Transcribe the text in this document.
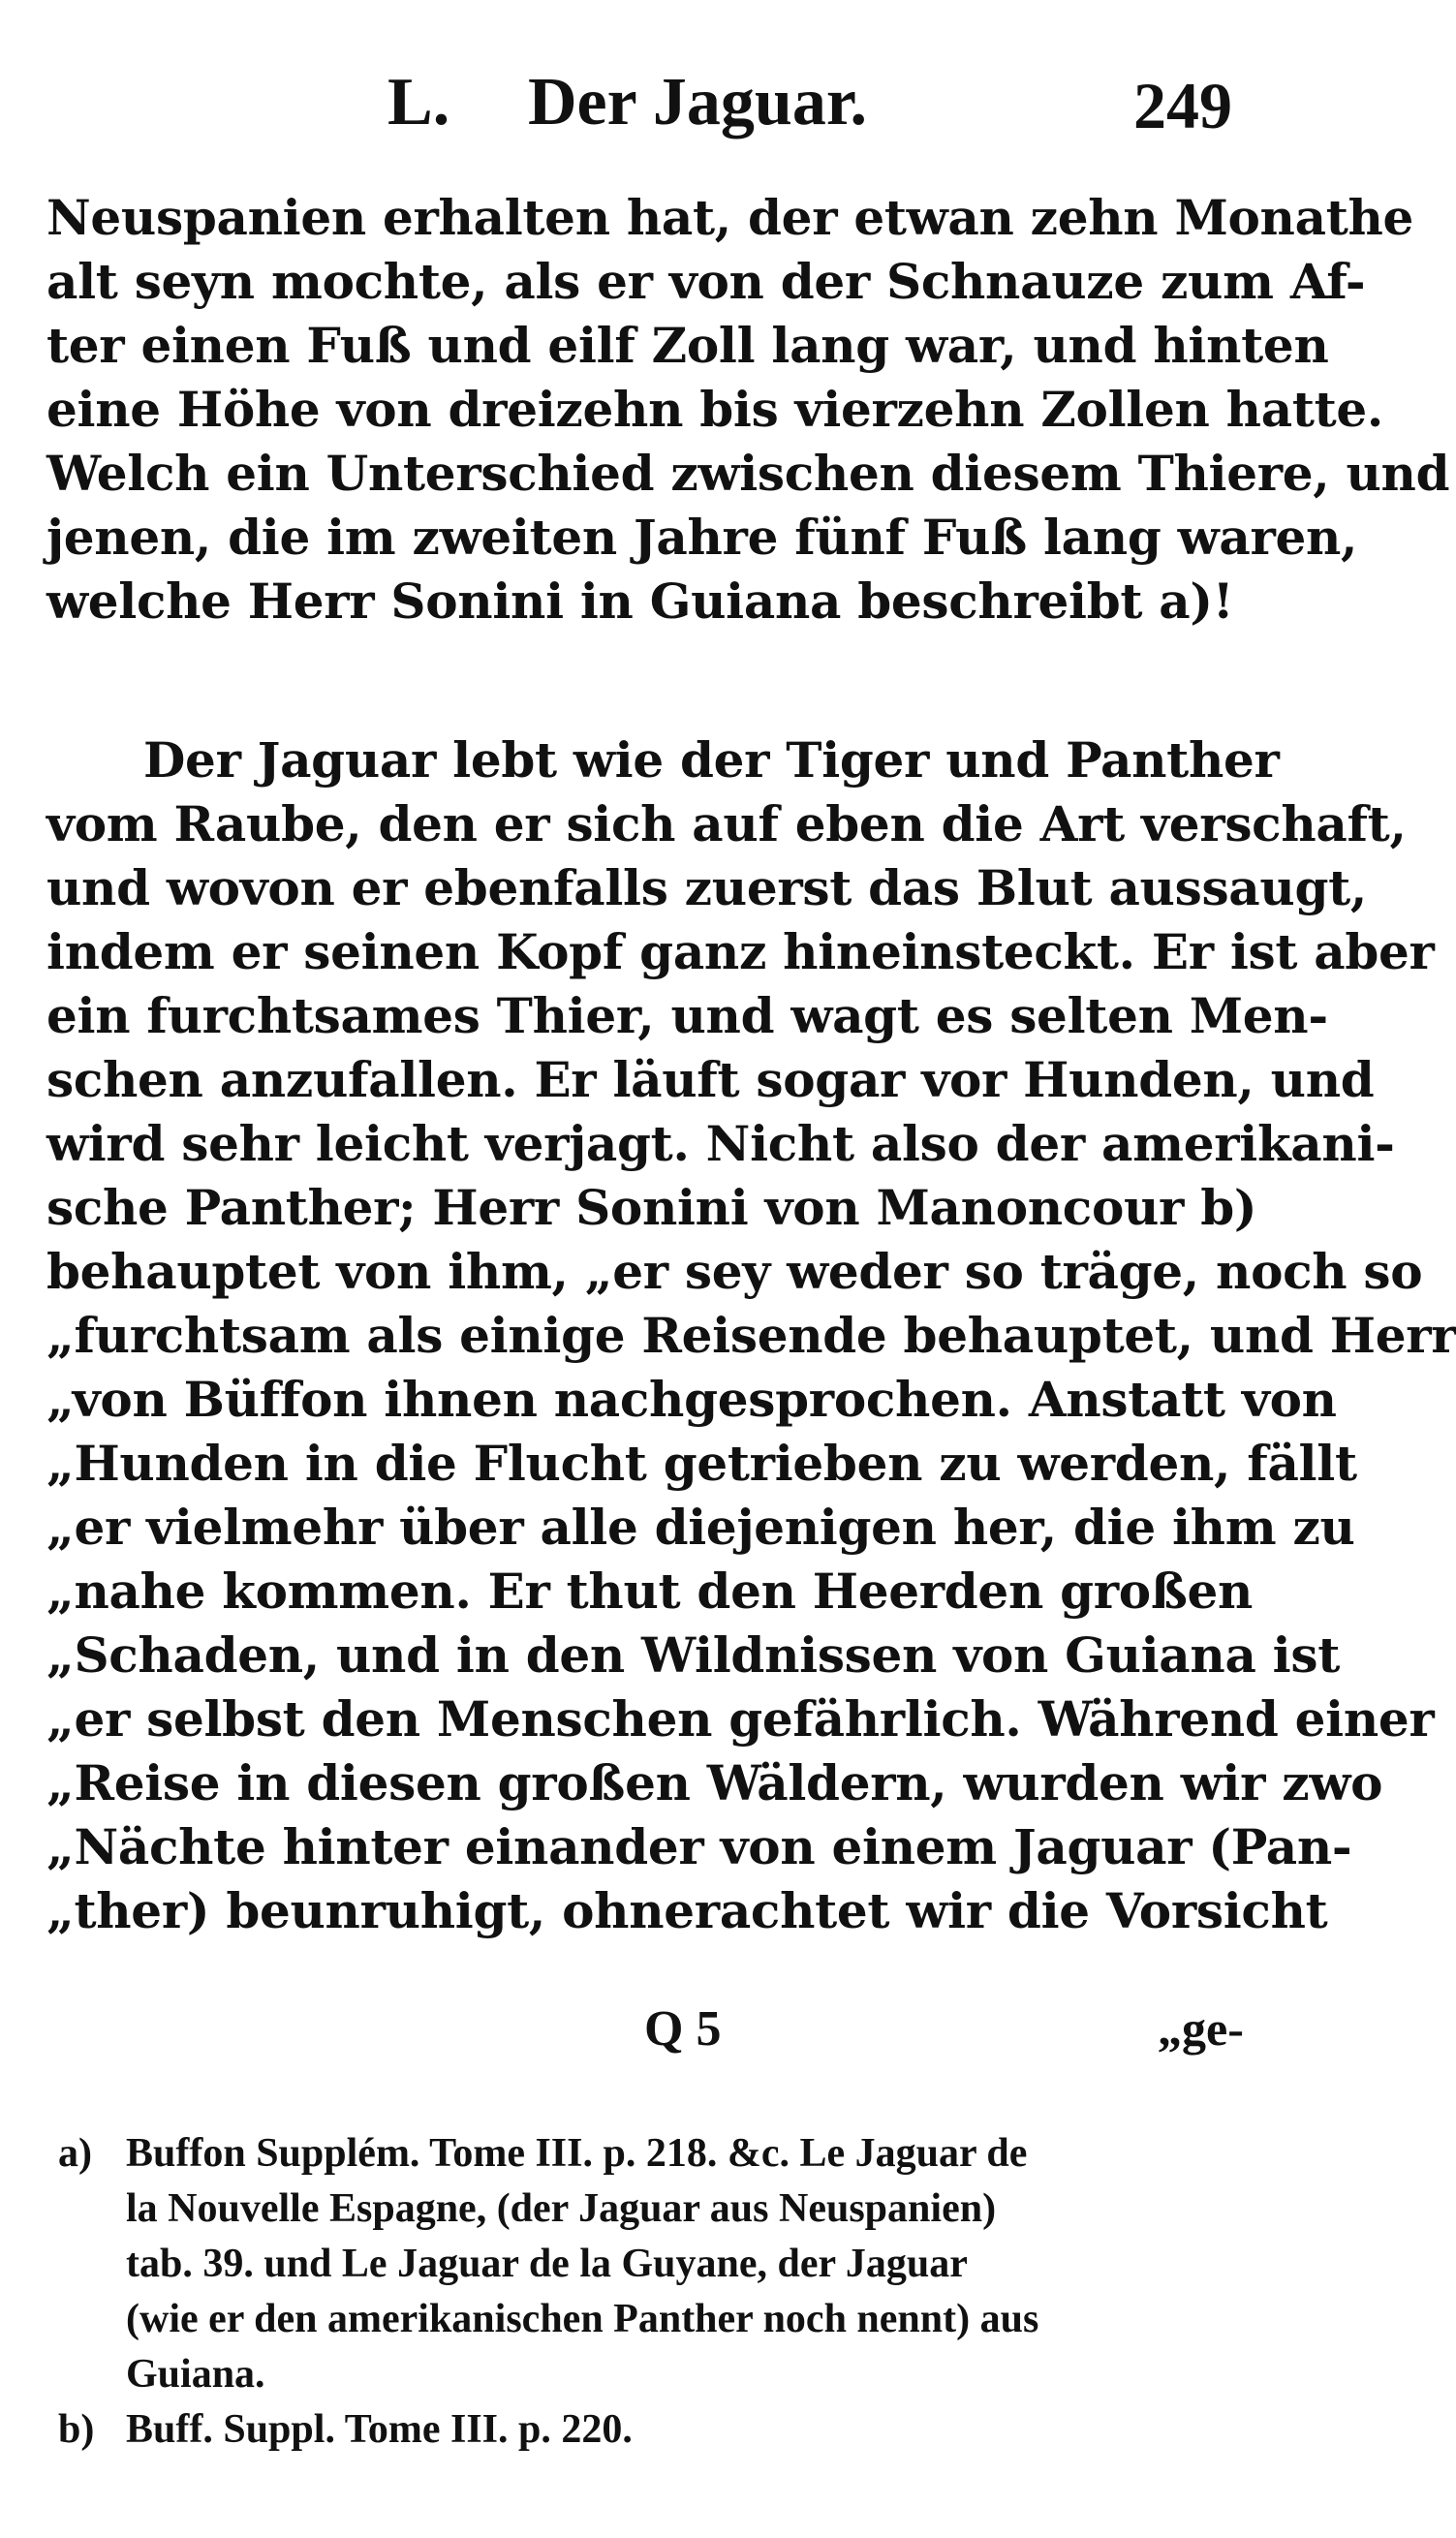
L. Der Jaguar.	249
Neuspanien erhalten hat, der etwan zehn Monathe
alt seyn mochte, als er von der Schnauze zum Af-
ter einen Fuß und eilf Zoll lang war, und hinten
eine Höhe von dreizehn bis vierzehn Zollen hatte.
Welch ein Unterschied zwischen diesem Thiere, und
jenen, die im zweiten Jahre fünf Fuß lang waren,
welche Herr Sonini in Guiana beschreibt a)!
Der Jaguar lebt wie der Tiger und Panther
vom Raube, den er sich auf eben die Art verschaft,
und wovon er ebenfalls zuerst das Blut aussaugt,
indem er seinen Kopf ganz hineinsteckt. Er ist aber
ein furchtsames Thier, und wagt es selten Men-
schen anzufallen. Er läuft sogar vor Hunden, und
wird sehr leicht verjagt. Nicht also der amerikani-
sche Panther; Herr Sonini von Manoncour b)
behauptet von ihm, „er sey weder so träge, noch so
„furchtsam als einige Reisende behauptet, und Herr
„von Büffon ihnen nachgesprochen. Anstatt von
„Hunden in die Flucht getrieben zu werden, fällt
„er vielmehr über alle diejenigen her, die ihm zu
„nahe kommen. Er thut den Heerden großen
„Schaden, und in den Wildnissen von Guiana ist
„er selbst den Menschen gefährlich. Während einer
„Reise in diesen großen Wäldern, wurden wir zwo
„Nächte hinter einander von einem Jaguar (Pan-
„ther) beunruhigt, ohnerachtet wir die Vorsicht
Q 5	„ge-
a) Buffon Supplém. Tome III. p. 218. &c. Le Jaguar de
la Nouvelle Espagne, (der Jaguar aus Neuspanien)
tab. 39. und Le Jaguar de la Guyane, der Jaguar
(wie er den amerikanischen Panther noch nennt) aus
Guiana.
b) Buff. Suppl. Tome III. p. 220.
